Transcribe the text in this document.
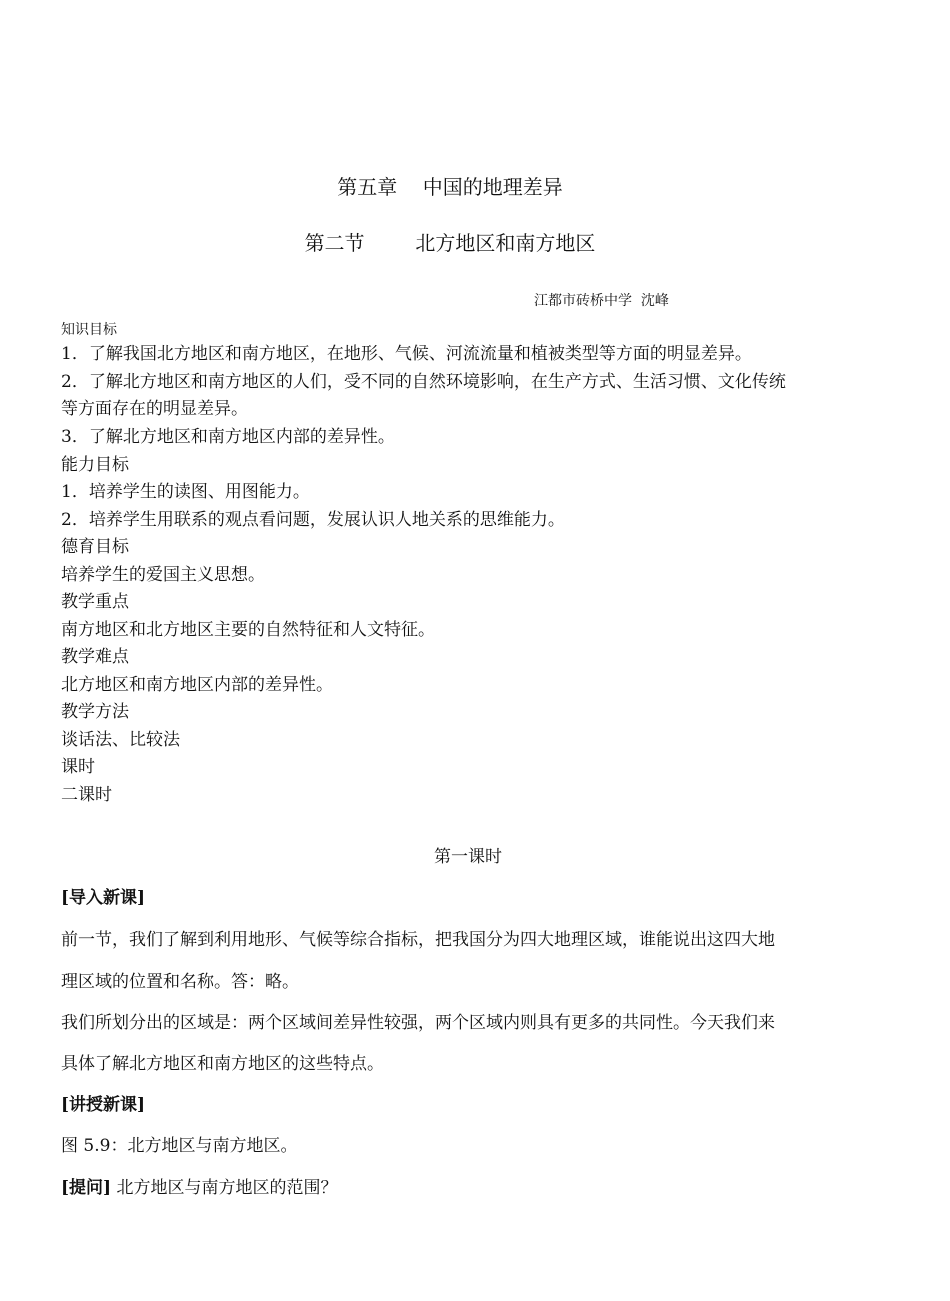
第五章    中国的地理差异
第二节        北方地区和南方地区
江都市砖桥中学  沈峰
知识目标
1．了解我国北方地区和南方地区，在地形、气候、河流流量和植被类型等方面的明显差异。
2．了解北方地区和南方地区的人们，受不同的自然环境影响，在生产方式、生活习惯、文化传统
等方面存在的明显差异。
3．了解北方地区和南方地区内部的差异性。
能力目标
1．培养学生的读图、用图能力。
2．培养学生用联系的观点看问题，发展认识人地关系的思维能力。
德育目标
培养学生的爱国主义思想。
教学重点
南方地区和北方地区主要的自然特征和人文特征。
教学难点
北方地区和南方地区内部的差异性。
教学方法
谈话法、比较法
课时
二课时
第一课时
[导入新课]
前一节，我们了解到利用地形、气候等综合指标，把我国分为四大地理区域，谁能说出这四大地
理区域的位置和名称。答：略。
我们所划分出的区域是：两个区域间差异性较强，两个区域内则具有更多的共同性。今天我们来
具体了解北方地区和南方地区的这些特点。
[讲授新课]
图 5.9：北方地区与南方地区。
[提问] 北方地区与南方地区的范围？
